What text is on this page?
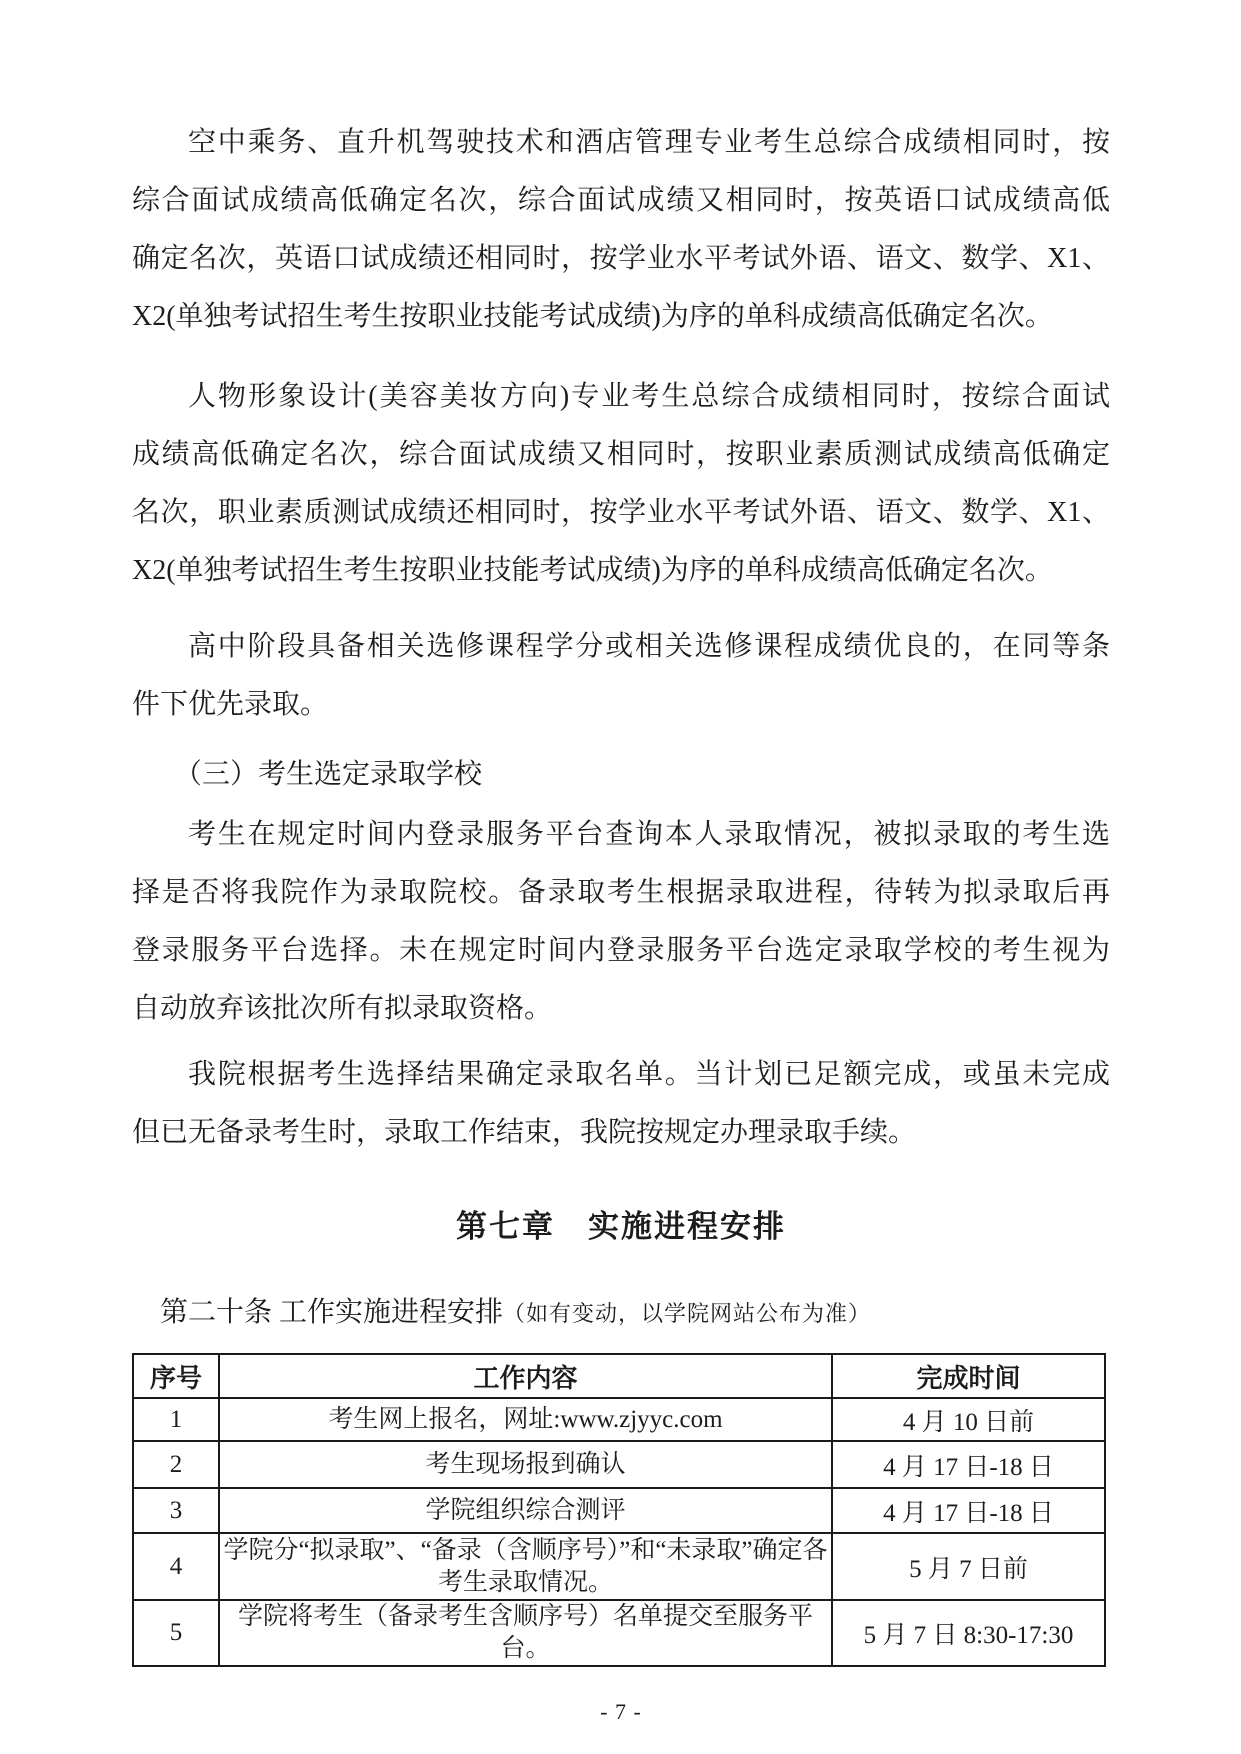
空中乘务、直升机驾驶技术和酒店管理专业考生总综合成绩相同时，按
综合面试成绩高低确定名次，综合面试成绩又相同时，按英语口试成绩高低
确定名次，英语口试成绩还相同时，按学业水平考试外语、语文、数学、X1、
X2(单独考试招生考生按职业技能考试成绩)为序的单科成绩高低确定名次。
人物形象设计(美容美妆方向)专业考生总综合成绩相同时，按综合面试
成绩高低确定名次，综合面试成绩又相同时，按职业素质测试成绩高低确定
名次，职业素质测试成绩还相同时，按学业水平考试外语、语文、数学、X1、
X2(单独考试招生考生按职业技能考试成绩)为序的单科成绩高低确定名次。
高中阶段具备相关选修课程学分或相关选修课程成绩优良的，在同等条
件下优先录取。
（三）考生选定录取学校
考生在规定时间内登录服务平台查询本人录取情况，被拟录取的考生选
择是否将我院作为录取院校。备录取考生根据录取进程，待转为拟录取后再
登录服务平台选择。未在规定时间内登录服务平台选定录取学校的考生视为
自动放弃该批次所有拟录取资格。
我院根据考生选择结果确定录取名单。当计划已足额完成，或虽未完成
但已无备录考生时，录取工作结束，我院按规定办理录取手续。
第七章　实施进程安排
第二十条 工作实施进程安排（如有变动，以学院网站公布为准）
序号	工作内容	完成时间
1	考生网上报名，网址:www.zjyyc.com	4 月 10 日前
2	考生现场报到确认	4 月 17 日-18 日
3	学院组织综合测评	4 月 17 日-18 日
4	学院分“拟录取”、“备录（含顺序号）”和“未录取”确定各考生录取情况。	5 月 7 日前
5	学院将考生（备录考生含顺序号）名单提交至服务平台。	5 月 7 日 8:30-17:30
- 7 -
